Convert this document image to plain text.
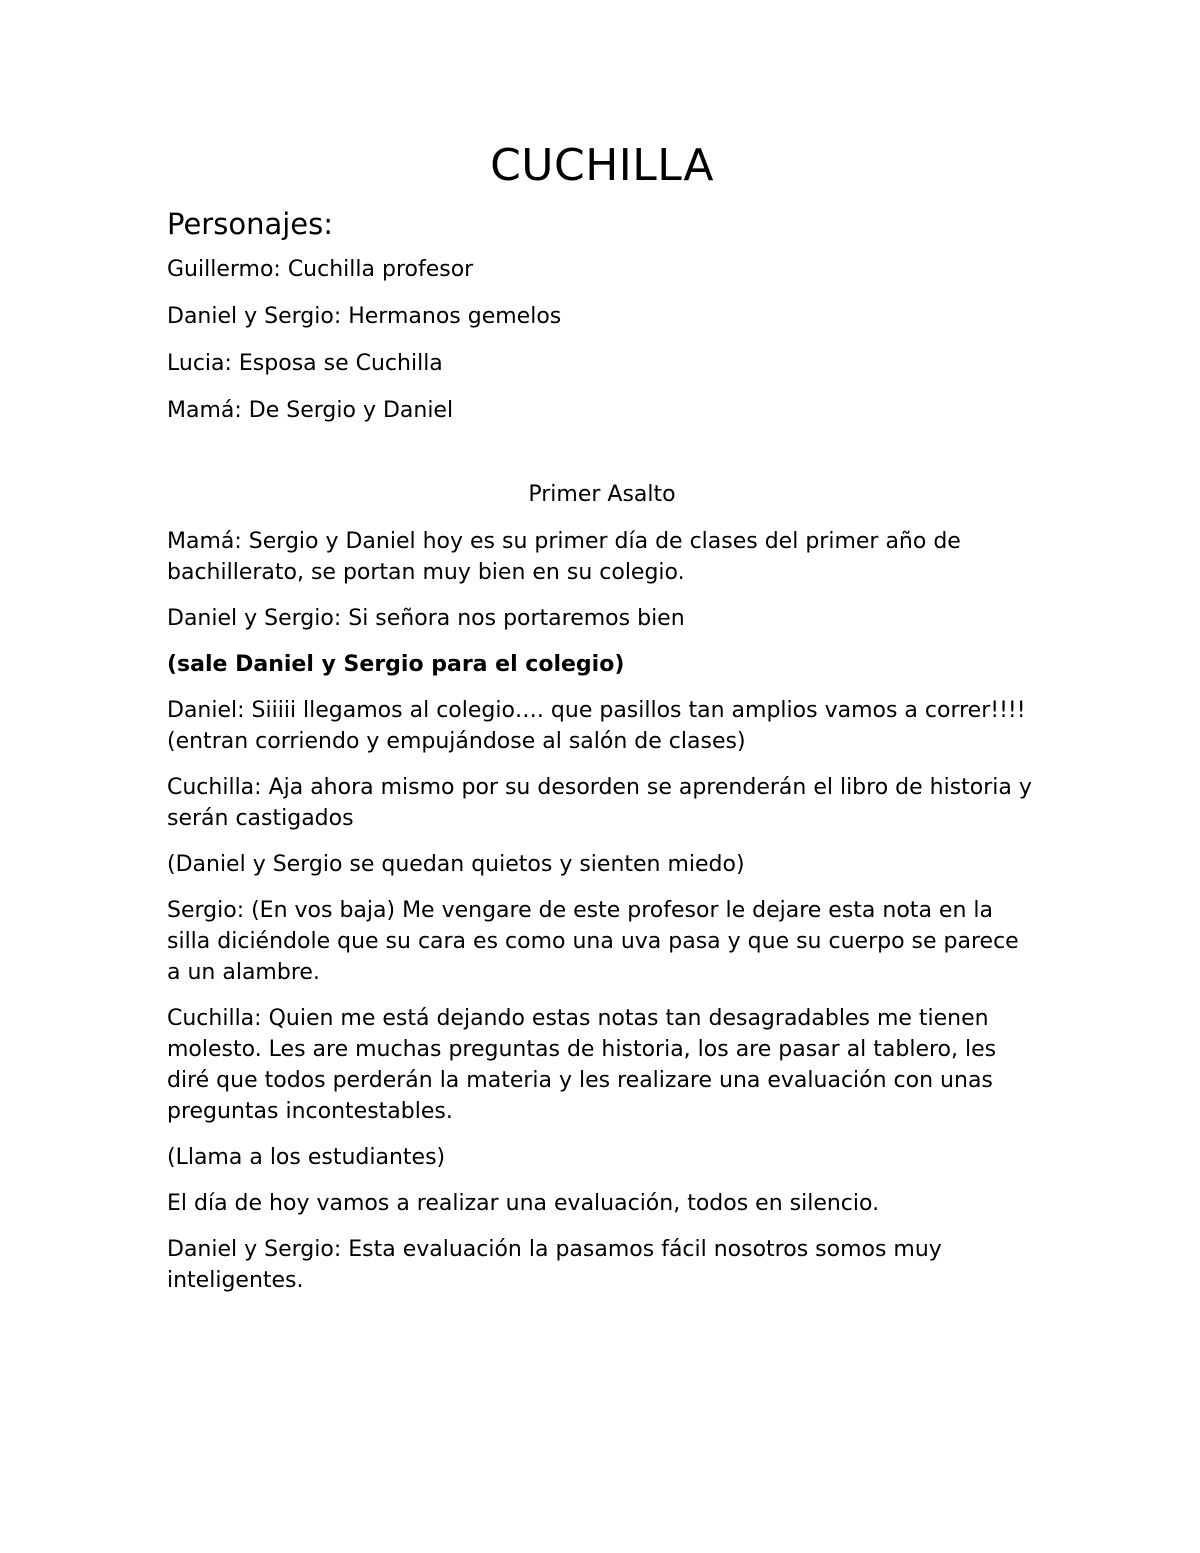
CUCHILLA
Personajes:
Guillermo: Cuchilla profesor
Daniel y Sergio: Hermanos gemelos
Lucia: Esposa se Cuchilla
Mamá: De Sergio y Daniel
Primer Asalto

Mamá: Sergio y Daniel hoy es su primer día de clases del primer año de bachillerato, se portan muy bien en su colegio.

Daniel y Sergio: Si señora nos portaremos bien

(sale Daniel y Sergio para el colegio)

Daniel: Siiiii llegamos al colegio…. que pasillos tan amplios vamos a correr!!!! (entran corriendo y empujándose al salón de clases)

Cuchilla: Aja ahora mismo por su desorden se aprenderán el libro de historia y serán castigados

(Daniel y Sergio se quedan quietos y sienten miedo)

Sergio: (En vos baja) Me vengare de este profesor le dejare esta nota en la silla diciéndole que su cara es como una uva pasa y que su cuerpo se parece a un alambre.

Cuchilla: Quien me está dejando estas notas tan desagradables me tienen molesto. Les are muchas preguntas de historia, los are pasar al tablero, les diré que todos perderán la materia y les realizare una evaluación con unas preguntas incontestables.

(Llama a los estudiantes)

El día de hoy vamos a realizar una evaluación, todos en silencio.

Daniel y Sergio: Esta evaluación la pasamos fácil nosotros somos muy inteligentes.
